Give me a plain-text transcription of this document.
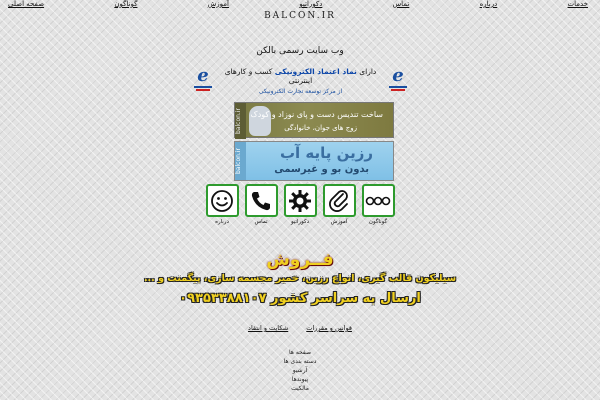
صفحه اصلی	گوناگون	آموزش	دکوراتیو	تماس	درباره	خدمات
BALCON.IR
وب سایت رسمی بالکن
e	دارای نماد اعتماد الکترونیکی کسب و کارهای اینترنتی
از مرکز توسعه تجارت الکترونیکی
e
balcon.ir	ساخت تندیس دست و پای نوزاد و کودک
زوج های جوان، خانوادگی
balcon.ir	رزین پایه آب
بدون بو و غیرسمی
گوناگون
آموزش
دکوراتیو
تماس
درباره
فــروش
سیلیکون قالب گیری، انواع رزین، خمیر مجسمه سازی، پیگمنت و ...
ارسال به سراسر کشور ۰۹۳۵۳۳۸۸۱۰۷
قوانین و مقررات
شکایت و انتقاد
صفحه ها
دسته بندی ها
آرشیو
پیوندها
مالکیت
